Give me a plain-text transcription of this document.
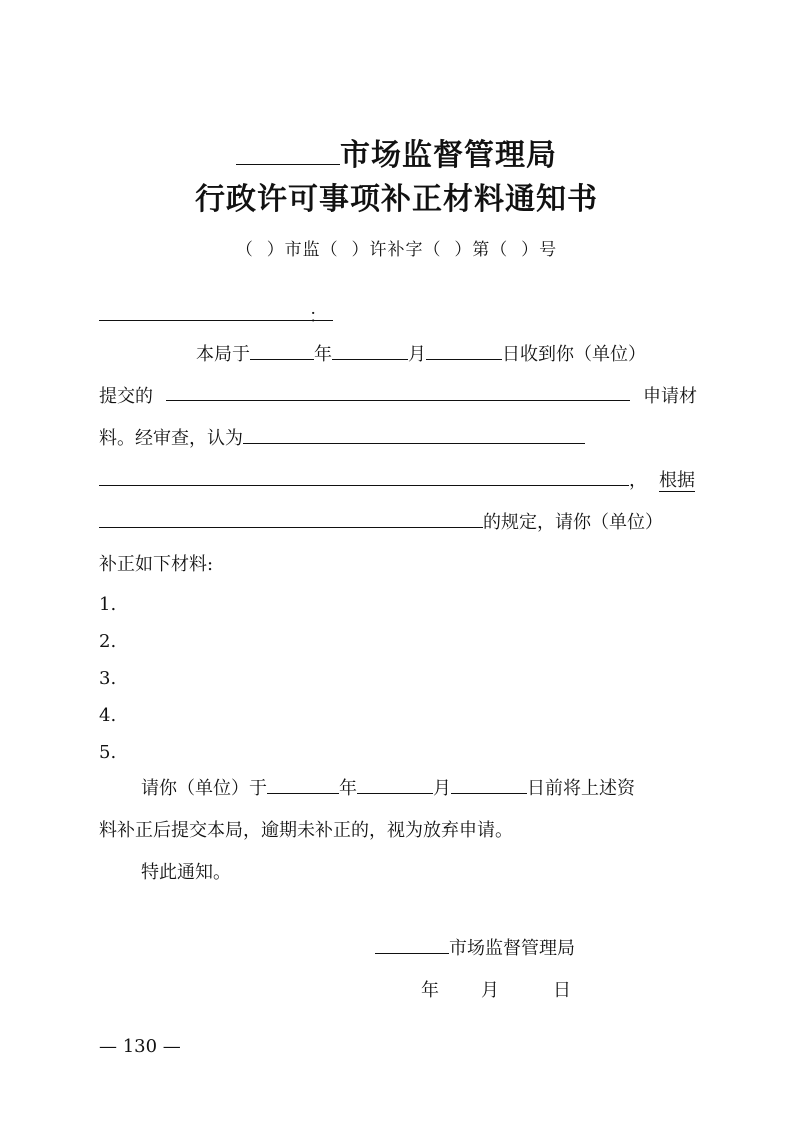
市场监督管理局
行政许可事项补正材料通知书
（ ）市监（ ）许补字（ ）第（ ）号
：
本局于	年	月	日收到你（单位）
提交的	申请材
料。经审查，认为
， 根据
的规定，请你（单位）
补正如下材料:
1.
2.
3.
4.
5.
请你（单位）于	年	月	日前将上述资
料补正后提交本局，逾期未补正的，视为放弃申请。
特此通知。
市场监督管理局
年 月	日
— 130 —
